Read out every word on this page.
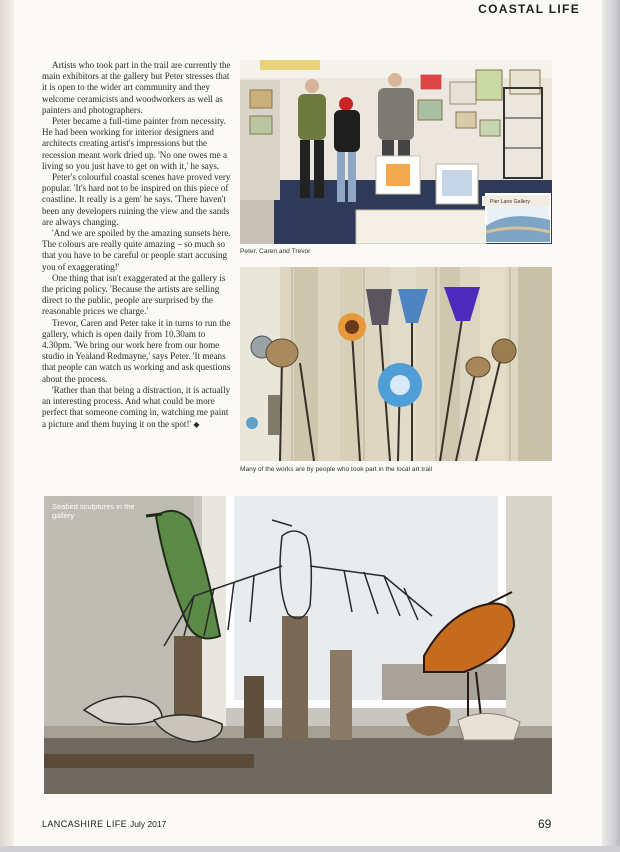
COASTAL LIFE

Artists who took part in the trail are currently the main exhibitors at the gallery but Peter stresses that it is open to the wider art community and they welcome ceramicists and woodworkers as well as painters and photographers.

Peter became a full-time painter from necessity. He had been working for interior designers and architects creating artist's impressions but the recession meant work dried up. 'No one owes me a living so you just have to get on with it,' he says.

Peter's colourful coastal scenes have proved very popular. 'It's hard not to be inspired on this piece of coastline. It really is a gem' he says. 'There haven't been any developers ruining the view and the sands are always changing.

'And we are spoiled by the amazing sunsets here. The colours are really quite amazing – so much so that you have to be careful or people start accusing you of exaggerating!'

One thing that isn't exaggerated at the gallery is the pricing policy. 'Because the artists are selling direct to the public, people are surprised by the reasonable prices we charge.'

Trevor, Caren and Peter take it in turns to run the gallery, which is open daily from 10.30am to 4.30pm. 'We bring our work here from our home studio in Yealand Redmayne,' says Peter. 'It means that people can watch us working and ask questions about the process.

'Rather than that being a distraction, it is actually an interesting process. And what could be more perfect that someone coming in, watching me paint a picture and them buying it on the spot!' ◆

Pier Lane Gallery
Peter, Caren and Trevor
Many of the works are by people who took part in the local art trail
Seabird sculptures in the gallery
LANCASHIRE LIFE July 2017	69
